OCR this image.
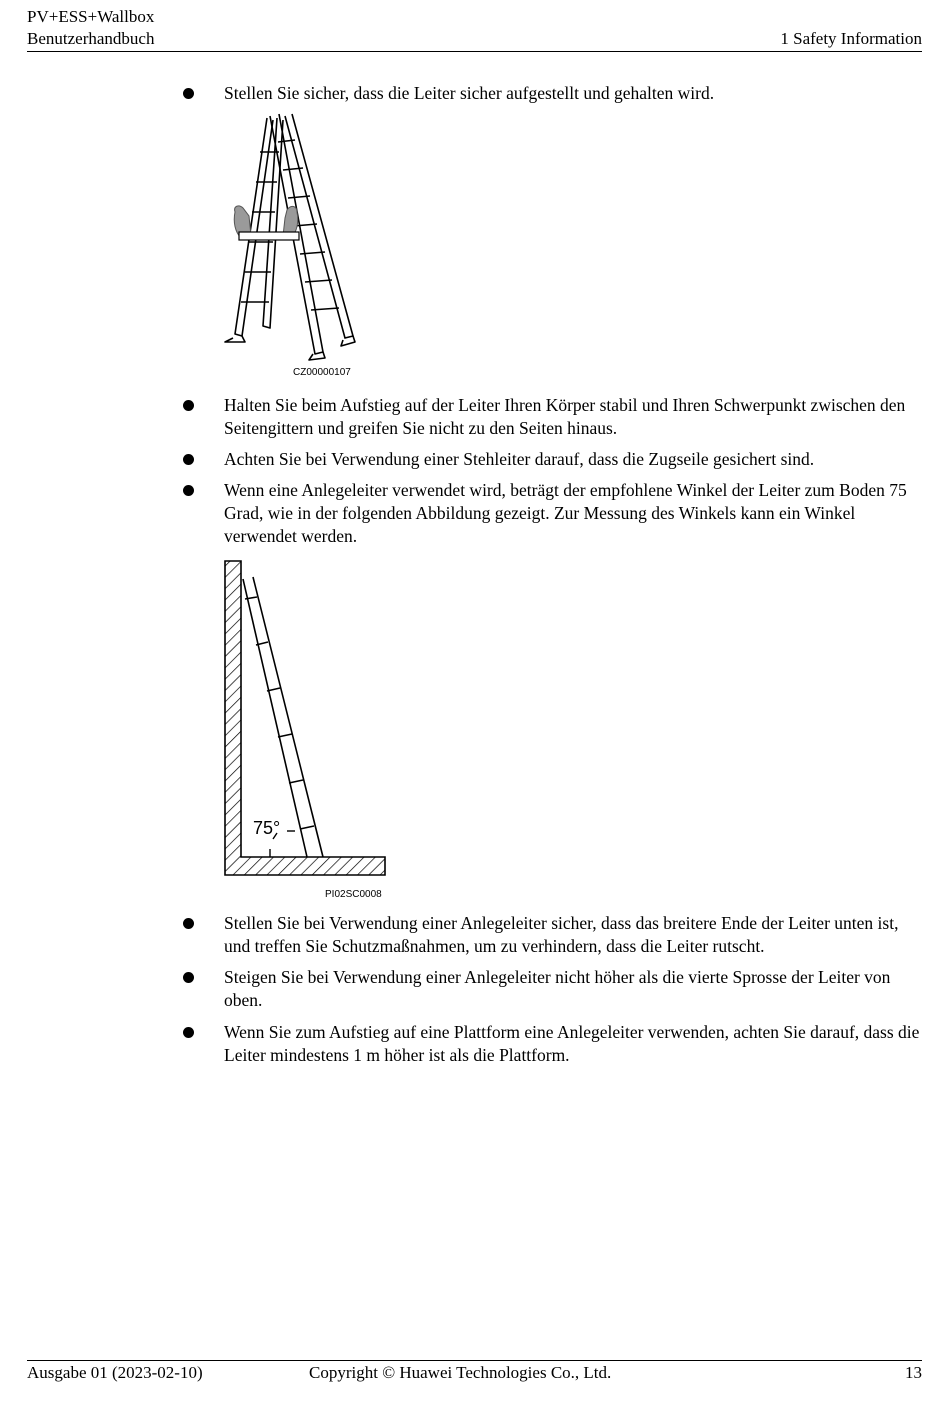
PV+ESS+Wallbox
Benutzerhandbuch	1 Safety Information
Stellen Sie sicher, dass die Leiter sicher aufgestellt und gehalten wird.
CZ00000107
Halten Sie beim Aufstieg auf der Leiter Ihren Körper stabil und Ihren Schwerpunkt zwischen den Seitengittern und greifen Sie nicht zu den Seiten hinaus.
Achten Sie bei Verwendung einer Stehleiter darauf, dass die Zugseile gesichert sind.
Wenn eine Anlegeleiter verwendet wird, beträgt der empfohlene Winkel der Leiter zum Boden 75 Grad, wie in der folgenden Abbildung gezeigt. Zur Messung des Winkels kann ein Winkel verwendet werden.
75°
PI02SC0008
Stellen Sie bei Verwendung einer Anlegeleiter sicher, dass das breitere Ende der Leiter unten ist, und treffen Sie Schutzmaßnahmen, um zu verhindern, dass die Leiter rutscht.
Steigen Sie bei Verwendung einer Anlegeleiter nicht höher als die vierte Sprosse der Leiter von oben.
Wenn Sie zum Aufstieg auf eine Plattform eine Anlegeleiter verwenden, achten Sie darauf, dass die Leiter mindestens 1 m höher ist als die Plattform.
Ausgabe 01 (2023-02-10)	Copyright © Huawei Technologies Co., Ltd.	13
